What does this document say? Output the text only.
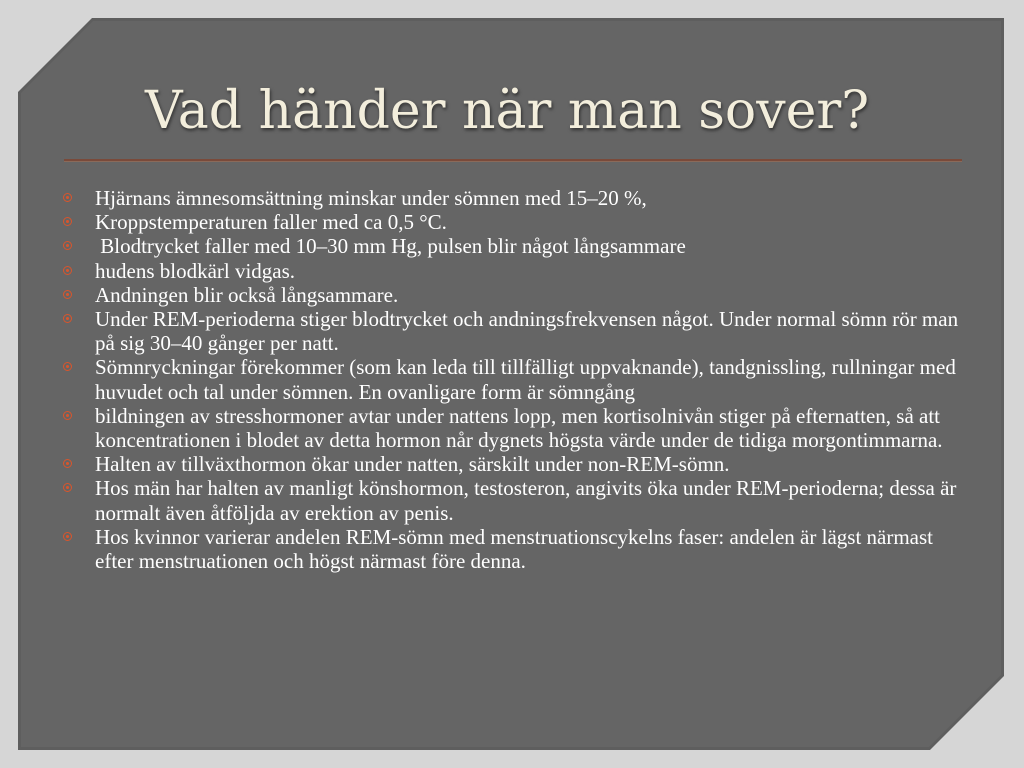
Vad händer när man sover?
Hjärnans ämnesomsättning minskar under sömnen med 15–20 %,
Kroppstemperaturen faller med ca 0,5 °C.
Blodtrycket faller med 10–30 mm Hg, pulsen blir något långsammare
hudens blodkärl vidgas.
Andningen blir också långsammare.
Under REM-perioderna stiger blodtrycket och andningsfrekvensen något. Under normal sömn rör man på sig 30–40 gånger per natt.
Sömnryckningar förekommer (som kan leda till tillfälligt uppvaknande), tandgnissling, rullningar med huvudet och tal under sömnen. En ovanligare form är sömngång
bildningen av stresshormoner avtar under nattens lopp, men kortisolnivån stiger på efternatten, så att koncentrationen i blodet av detta hormon når dygnets högsta värde under de tidiga morgontimmarna.
Halten av tillväxthormon ökar under natten, särskilt under non-REM-sömn.
Hos män har halten av manligt könshormon, testosteron, angivits öka under REM-perioderna; dessa är normalt även åtföljda av erektion av penis.
Hos kvinnor varierar andelen REM-sömn med menstruationscykelns faser: andelen är lägst närmast efter menstruationen och högst närmast före denna.
